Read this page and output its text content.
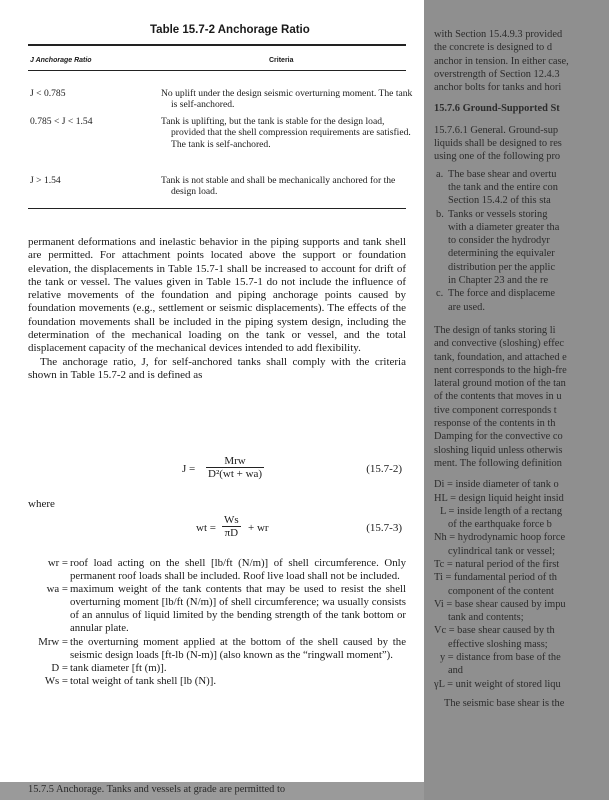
Table 15.7-2 Anchorage Ratio
J Anchorage Ratio	Criteria
J < 0.785	No uplift under the design seismic overturning moment. The tank is self-anchored.
0.785 < J < 1.54	Tank is uplifting, but the tank is stable for the design load, provided that the shell compression requirements are satisfied. The tank is self-anchored.
J > 1.54	Tank is not stable and shall be mechanically anchored for the design load.

permanent deformations and inelastic behavior in the piping supports and tank shell are permitted. For attachment points located above the support or foundation elevation, the displacements in Table 15.7-1 shall be increased to account for drift of the tank or vessel. The values given in Table 15.7-1 do not include the influence of relative movements of the foundation and piping anchorage points caused by foundation movements (e.g., settlement or seismic displacements). The effects of the foundation movements shall be included in the piping system design, including the determination of the mechanical loading on the tank or vessel, and the total displacement capacity of the mechanical devices intended to add flexibility.

The anchorage ratio, J, for self-anchored tanks shall comply with the criteria shown in Table 15.7-2 and is defined as

J =
Mrw
D²(wt + wa)	(15.7-2)
where
wt = $\frac{Ws}{\pi D}$ + wr	(15.7-3)
wr = roof load acting on the shell [lb/ft (N/m)] of shell circumference. Only permanent roof loads shall be included. Roof live load shall not be included.
wa = maximum weight of the tank contents that may be used to resist the shell overturning moment [lb/ft (N/m)] of shell circumference; wa usually consists of an annulus of liquid limited by the bending strength of the tank bottom or annular plate.
Mrw = the overturning moment applied at the bottom of the shell caused by the seismic design loads [ft-lb (N-m)] (also known as the “ringwall moment”).
D = tank diameter [ft (m)].
Ws = total weight of tank shell [lb (N)].
15.7.5 Anchorage. Tanks and vessels at grade are permitted to

with Section 15.4.9.3 provided

the concrete is designed to d

anchor in tension. In either case,

overstrength of Section 12.4.3

anchor bolts for tanks and hori

15.7.6 Ground-Supported St

15.7.6.1 General. Ground-sup

liquids shall be designed to res

using one of the following pro

a. The base shear and overtu
the tank and the entire con
Section 15.4.2 of this sta
b. Tanks or vessels storing
with a diameter greater tha
to consider the hydrodyr
determining the equivaler
distribution per the applic
in Chapter 23 and the re
c. The force and displaceme
are used.
The design of tanks storing li
and convective (sloshing) effec
tank, foundation, and attached e
nent corresponds to the high-fre
lateral ground motion of the tan
of the contents that moves in u
tive component corresponds t
response of the contents in th
Damping for the convective co
sloshing liquid unless otherwis
ment. The following definition
Di = inside diameter of tank o
HL = design liquid height insid
L = inside length of a rectang
of the earthquake force b
Nh = hydrodynamic hoop force
cylindrical tank or vessel;
Tc = natural period of the first
Ti = fundamental period of th
component of the content
Vi = base shear caused by impu
tank and contents;
Vc = base shear caused by th
effective sloshing mass;
y = distance from base of the
and
γL = unit weight of stored liqu

The seismic base shear is the
